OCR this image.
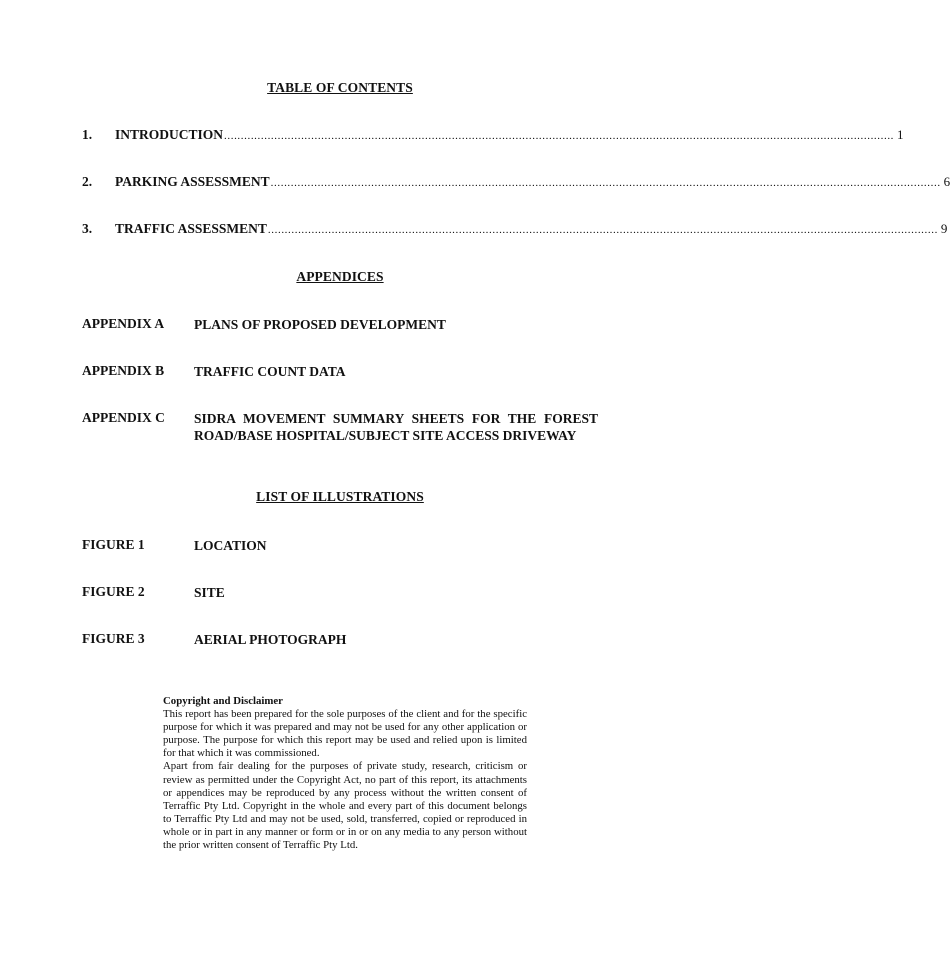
TABLE OF CONTENTS
1.	INTRODUCTION ........................................................................................................................................................................................................ 1
2.	PARKING ASSESSMENT ........................................................................................................................................................................................................ 6
3.	TRAFFIC ASSESSMENT ........................................................................................................................................................................................................ 9
APPENDICES
APPENDIX A	PLANS OF PROPOSED DEVELOPMENT
APPENDIX B	TRAFFIC COUNT DATA
APPENDIX C	SIDRA MOVEMENT SUMMARY SHEETS FOR THE FOREST ROAD/BASE HOSPITAL/SUBJECT SITE ACCESS DRIVEWAY
LIST OF ILLUSTRATIONS
FIGURE 1	LOCATION
FIGURE 2	SITE
FIGURE 3	AERIAL PHOTOGRAPH
Copyright and Disclaimer
This report has been prepared for the sole purposes of the client and for the specific purpose for which it was prepared and may not be used for any other application or purpose. The purpose for which this report may be used and relied upon is limited for that which it was commissioned.
Apart from fair dealing for the purposes of private study, research, criticism or review as permitted under the Copyright Act, no part of this report, its attachments or appendices may be reproduced by any process without the written consent of Terraffic Pty Ltd. Copyright in the whole and every part of this document belongs to Terraffic Pty Ltd and may not be used, sold, transferred, copied or reproduced in whole or in part in any manner or form or in or on any media to any person without the prior written consent of Terraffic Pty Ltd.
